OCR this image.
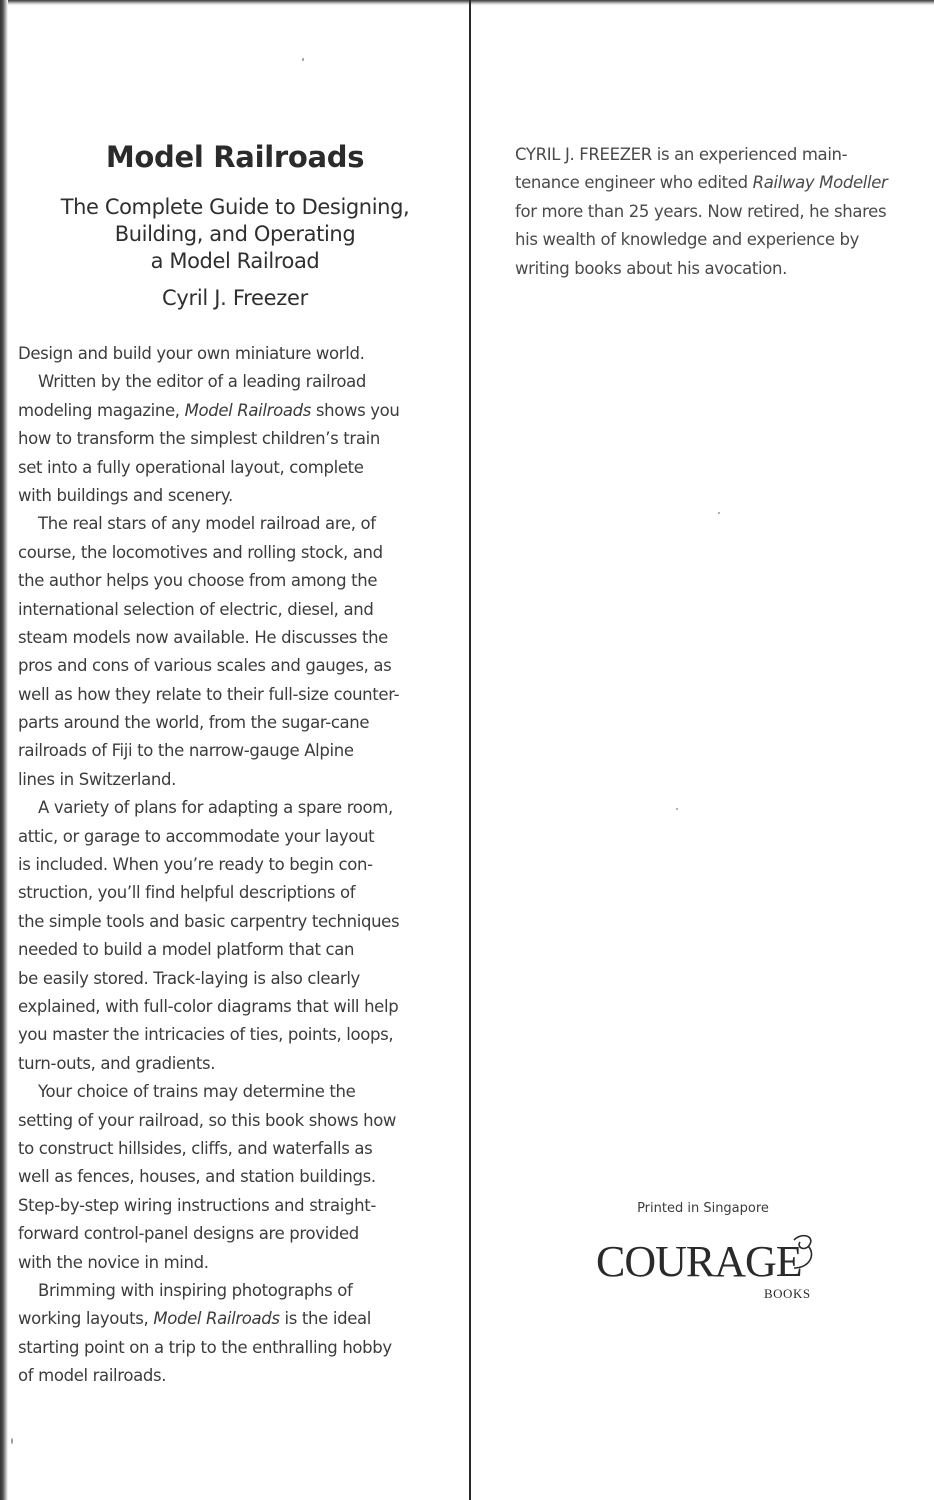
Model Railroads
The Complete Guide to Designing,
Building, and Operating
a Model Railroad
Cyril J. Freezer
Design and build your own miniature world.
Written by the editor of a leading railroad
modeling magazine, Model Railroads shows you
how to transform the simplest children’s train
set into a fully operational layout, complete
with buildings and scenery.
The real stars of any model railroad are, of
course, the locomotives and rolling stock, and
the author helps you choose from among the
international selection of electric, diesel, and
steam models now available. He discusses the
pros and cons of various scales and gauges, as
well as how they relate to their full-size counter-
parts around the world, from the sugar-cane
railroads of Fiji to the narrow-gauge Alpine
lines in Switzerland.
A variety of plans for adapting a spare room,
attic, or garage to accommodate your layout
is included. When you’re ready to begin con-
struction, you’ll find helpful descriptions of
the simple tools and basic carpentry techniques
needed to build a model platform that can
be easily stored. Track-laying is also clearly
explained, with full-color diagrams that will help
you master the intricacies of ties, points, loops,
turn-outs, and gradients.
Your choice of trains may determine the
setting of your railroad, so this book shows how
to construct hillsides, cliffs, and waterfalls as
well as fences, houses, and station buildings.
Step-by-step wiring instructions and straight-
forward control-panel designs are provided
with the novice in mind.
Brimming with inspiring photographs of
working layouts, Model Railroads is the ideal
starting point on a trip to the enthralling hobby
of model railroads.
CYRIL J. FREEZER is an experienced main-
tenance engineer who edited Railway Modeller
for more than 25 years. Now retired, he shares
his wealth of knowledge and experience by
writing books about his avocation.
Printed in Singapore
COURAGE
BOOKS
